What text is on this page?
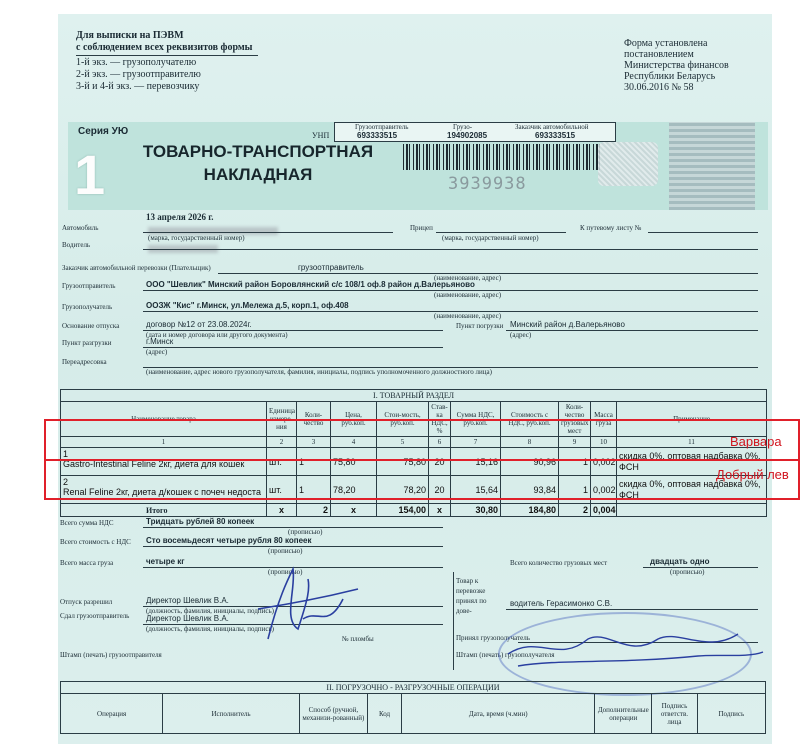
Для выписки на ПЭВМ
с соблюдением всех реквизитов формы
1-й экз. — грузополучателю
2-й экз. — грузоотправителю
3-й и 4-й экз. — перевозчику
Форма установлена
постановлением
Министерства финансов
Республики Беларусь
30.06.2016 № 58
Серия УЮ
1	ТОВАРНО-ТРАНСПОРТНАЯ
НАКЛАДНАЯ
УНП
Грузоотправитель	Грузо-	Заказчик автомобильной
693333515	194902085	693333515
3939938
13 апреля 2026 г.
Автомобиль
(марка, государственный номер)
Прицеп
(марка, государственный номер)
К путевому листу №
Водитель
Заказчик автомобильной перевозки (Плательщик)	грузоотправитель
(наименование, адрес)
Грузоотправитель	ООО "Шевлик" Минский район Боровлянский с/с 108/1 оф.8 район д.Валерьяново
(наименование, адрес)
Грузополучатель	ООЗЖ "Кис" г.Минск, ул.Мележа д.5, корп.1, оф.408
(наименование, адрес)
Основание отпуска	договор №12 от 23.08.2024г.
(дата и номер договора или другого документа)
Пункт погрузки Минский район д.Валерьяново
(адрес)
Пункт разгрузки	г.Минск
(адрес)
Переадресовка
(наименование, адрес нового грузополучателя, фамилия, инициалы, подпись уполномоченного должностного лица)
I. ТОВАРНЫЙ РАЗДЕЛ										
Наименование товара	Единица измере-ния	Коли-чество	Цена, руб.коп.	Стои-мость, руб.коп.	Став-ка НДС, %	Сумма НДС, руб.коп.	Стоимость с НДС, руб.коп.	Коли-чество грузовых мест	Масса груза	Примечание
1	2	3	4	5	6	7	8	9	10	11
1
Gastro-Intestinal Feline 2кг, диета для кошек	шт.	1	75,80	75,80	20	15,16	90,96	1	0,002	скидка 0%, оптовая надбавка 0%, ФСН
2
Renal Feline 2кг, диета д/кошек с почеч недоста	шт.	1	78,20	78,20	20	15,64	93,84	1	0,002	скидка 0%, оптовая надбавка 0%, ФСН
Итого	х	2	х	154,00	х	30,80	184,80	2	0,004	
Всего сумма НДС	Тридцать рублей 80 копеек
(прописью)
Всего стоимость с НДС Сто восемьдесят четыре рубля 80 копеек
(прописью)
Всего масса груза	четыре кг
(прописью)
Всего количество грузовых мест	двадцать одно
(прописью)
Отпуск разрешил	Директор Шевлик В.А.
(должность, фамилия, инициалы, подпись)
Сдал грузоотправитель Директор Шевлик В.А.
(должность, фамилия, инициалы, подпись)
№ пломбы
Товар к перевозке принял по дове-
водитель Герасимонко С.В.
Принял грузополучатель
Штамп (печать) грузоотправителя	Штамп (печать) грузополучателя
II. ПОГРУЗОЧНО - РАЗГРУЗОЧНЫЕ ОПЕРАЦИИ
Операция	Исполнитель	Способ (ручной, механизи-рованный)	Код	Дата, время (ч.мин)	Дополнительные операции	Подпись ответств. лица	Подпись
Варвара
Добрый лев
